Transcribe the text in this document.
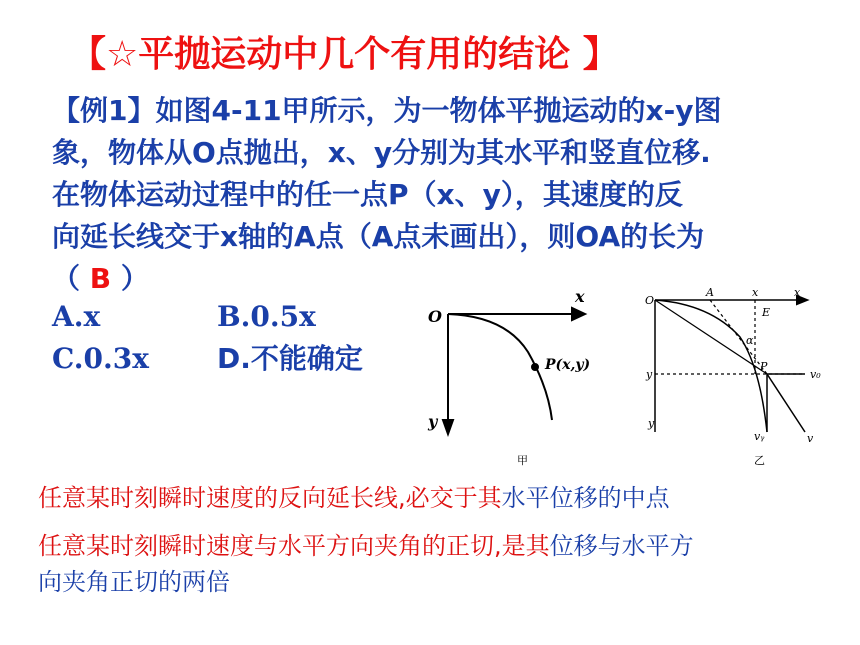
【☆平抛运动中几个有用的结论 】
【例1】如图4-11甲所示，为一物体平抛运动的x-y图
象，物体从O点抛出，x、y分别为其水平和竖直位移.
在物体运动过程中的任一点P（x、y），其速度的反
向延长线交于x轴的A点（A点未画出），则OA的长为
（ B ）
A.x	B.0.5x
C.0.3x D.不能确定
O
x
y
P(x,y)
O
A	x	x
E
α
y
P
v₀
y
vᵧ	v
甲	乙
任意某时刻瞬时速度的反向延长线,必交于其水平位移的中点
任意某时刻瞬时速度与水平方向夹角的正切,是其位移与水平方
向夹角正切的两倍
